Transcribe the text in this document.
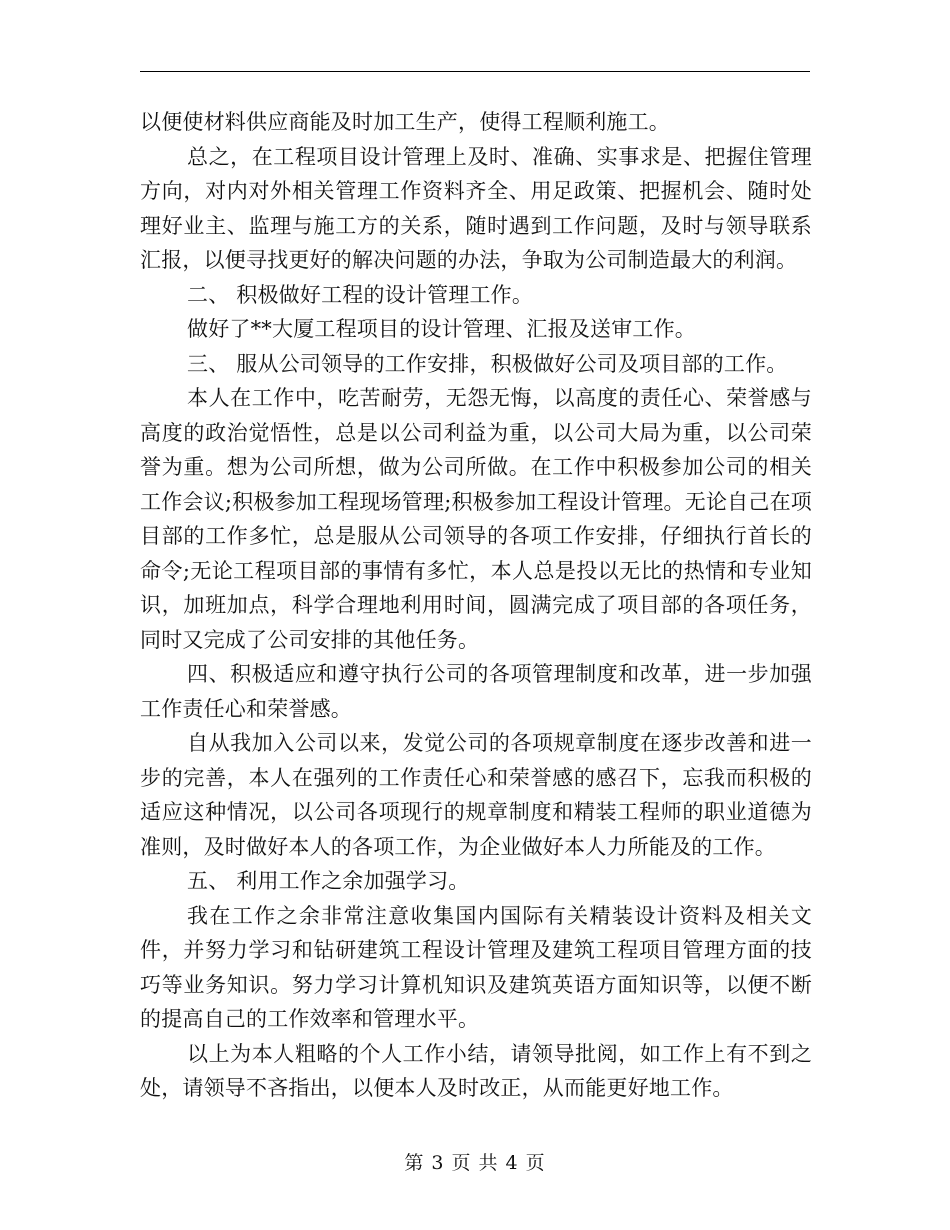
以便使材料供应商能及时加工生产，使得工程顺利施工。

总之，在工程项目设计管理上及时、准确、实事求是、把握住管理方向，对内对外相关管理工作资料齐全、用足政策、把握机会、随时处理好业主、监理与施工方的关系，随时遇到工作问题，及时与领导联系汇报，以便寻找更好的解决问题的办法，争取为公司制造最大的利润。

二、 积极做好工程的设计管理工作。

做好了**大厦工程项目的设计管理、汇报及送审工作。

三、 服从公司领导的工作安排，积极做好公司及项目部的工作。

本人在工作中，吃苦耐劳，无怨无悔，以高度的责任心、荣誉感与高度的政治觉悟性，总是以公司利益为重，以公司大局为重，以公司荣誉为重。想为公司所想，做为公司所做。在工作中积极参加公司的相关工作会议;积极参加工程现场管理;积极参加工程设计管理。无论自己在项目部的工作多忙，总是服从公司领导的各项工作安排，仔细执行首长的命令;无论工程项目部的事情有多忙，本人总是投以无比的热情和专业知识，加班加点，科学合理地利用时间，圆满完成了项目部的各项任务，同时又完成了公司安排的其他任务。

四、积极适应和遵守执行公司的各项管理制度和改革，进一步加强工作责任心和荣誉感。

自从我加入公司以来，发觉公司的各项规章制度在逐步改善和进一步的完善，本人在强列的工作责任心和荣誉感的感召下，忘我而积极的适应这种情况，以公司各项现行的规章制度和精装工程师的职业道德为准则，及时做好本人的各项工作，为企业做好本人力所能及的工作。

五、 利用工作之余加强学习。

我在工作之余非常注意收集国内国际有关精装设计资料及相关文件，并努力学习和钻研建筑工程设计管理及建筑工程项目管理方面的技巧等业务知识。努力学习计算机知识及建筑英语方面知识等，以便不断的提高自己的工作效率和管理水平。

以上为本人粗略的个人工作小结，请领导批阅，如工作上有不到之处，请领导不吝指出，以便本人及时改正，从而能更好地工作。

第 3 页 共 4 页
